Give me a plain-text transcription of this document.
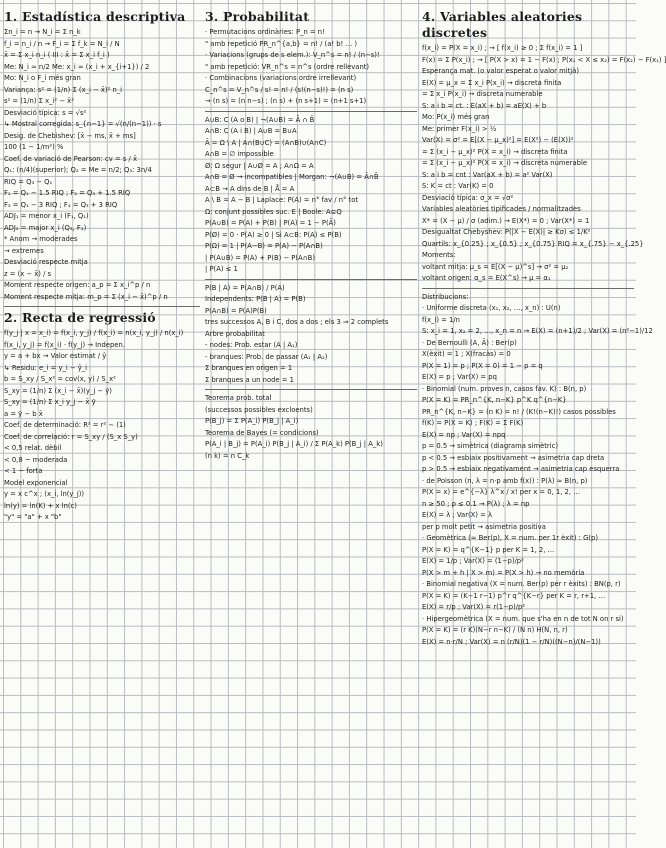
1. Estadística descriptiva
Σn_i = n → N_i = Σ n_k
f_i = n_i / n → F_i = Σ f_k = N_i / N
x̄ = Σ x_i n_i ( III : x̄ = Σ x_i f_i )
Me: N_i ≈ n/2 Me: x_i ≈ (x_i + x_{i+1}) / 2
Mo: N_i o F_i més gran
Variança: s² = (1/n) Σ (x_i − x̄)² n_i
s² = (1/n) Σ x_i² − x̄²
Desviació típica: s = √s²
↳ Mostral corregida: s_{n−1} = √(n/(n−1)) · s
Desig. de Chebishev: [x̄ − ms, x̄ + ms]
100 (1 − 1/m²) %
Coef. de variació de Pearson: cv = s / x̄
Q₁: (n/4)(superior); Q₂ = Me = n/2; Q₃: 3n/4
RIQ = Q₃ − Q₁
F₁ = Q₁ − 1.5 RIQ ; F₂ = Q₃ + 1.5 RIQ
F₃ = Q₁ − 3 RIQ ; F₄ = Q₃ + 3 RIQ
ADJ₁ = menor x_i (F₁, Q₁)
ADJ₂ = major x_i (Q₃, F₂)
* Anom → moderades
→ extremes
Desviació respecte mitja
z = (x − x̄) / s
Moment respecte origen: a_p = Σ x_i^p / n
Moment respecte mitja: m_p = Σ (x_i − x̄)^p / n
2. Recta de regressió
f(y_j | x = x_i) = f(x_i, y_j) / f(x_i) = n(x_i, y_j) / n(x_i)
f(x_i, y_j) = f(x_i) · f(y_j) → Indepen.
y = a + bx → Valor estimat / ŷ
↳ Residu: e_i = y_i − ŷ_i
b = S_xy / S_x² = cov(x, y) / S_x²
S_xy = (1/n) Σ (x_i − x̄)(y_j − ȳ)
S_xy = (1/n) Σ x_i y_j − x̄ ȳ
a = ȳ − b x̄
Coef. de determinació: R² = r² ∼ (1)
Coef. de correlació: r = S_xy / (S_x S_y)
< 0,5 relat. dèbil
< 0,8 ~ moderada
< 1 ~ forta
Model exponencial
y = x c^x ; (x_i, ln(y_j))
ln(y) = ln(K) + x ln(c)
"y" = "a" + x "b"
3. Probabilitat
· Permutacions ordinàries: P_n = n!
" amb repetició PR_n^{a,b} = n! / (a! b! … )
· Variacions (grups de s elem.): V_n^s = n! / (n−s)!
" amb repetició: VR_n^s = n^s (ordre rellevant)
· Combinacions (variacions ordre irrellevant)
C_n^s = V_n^s / s! = n! / (s!(n−s)!) = (n s)
→ (n s) = (n n−s) ; (n s) + (n s+1) = (n+1 s+1)
A∪B: C (A o B) | ¬(A∪B) = Ā ∩ B̄
A∩B: C (A i B) | A∪B = B∪A
Ā = Ω \ A | A∩(B∪C) = (A∩B)∪(A∩C)
A∩B = ∅ impossible
Ø: Ω segur | A∪Ø = A ; A∩Ω = A
A∩B = Ø → incompatibles | Morgan: ¬(A∪B) = Ā∩B̄
A⊂B → A dins de B | Ā̄ = A
A \ B = A − B | Laplace: P(A) = n° fav / n° tot
Ω: conjunt possibles suc. E | Boole: A⊆Q
P(A∪B) = P(A) + P(B) | P(A) = 1 − P(Ā)
P(Ø) = 0 · P(A) ≥ 0 | Si A⊂B: P(A) ≤ P(B)
P(Ω) = 1 | P(A−B) = P(A) − P(A∩B)
| P(A∪B) = P(A) + P(B) − P(A∩B)
| P(A) ≤ 1
P(B | A) = P(A∩B) / P(A)
Independents: P(B | A) = P(B)
P(A∩B) = P(A)P(B)
tres successos A, B i C, dos a dos ; els 3 ⇒ 2 complets
Arbre probabilitat
- nodes: Prob. estar (A | A₁)
- branques: Prob. de passar (A₁ | A₂)
Σ branques en origen = 1
Σ branques a un node = 1
Teorema prob. total
(successos possibles excloents)
P(B_j) = Σ P(A_i) P(B_j | A_i)
Teorema de Bayes (= condicions)
P(A_i | B_j) = P(A_i) P(B_j | A_i) / Σ P(A_k) P(B_j | A_k)
(n k) = n C_k
4. Variables aleatories discretes
f(x_i) = P(X = x_i) ; → [ f(x_i) ≥ 0 ; Σ f(x_i) = 1 ]
F(x) = Σ P(x_i) ; → [ P(X > x) = 1 − F(x) ; P(x₁ < X ≤ x₂) = F(x₂) − F(x₁) ]
Esperança mat. (o valor esperat o valor mitjà)
E(X) = μ_x = Σ x_i P(x_i) → discreta finita
= Σ x_i P(x_i) → discreta numerable
S: a i b = ct. : E(aX + b) = aE(X) + b
Mo: P(x_i) més gran
Me: primer F(x_i) > ½
Var(X) = σ² = E[(X − μ_x)²] = E(X²) − (E(X))²
= Σ (x_i − μ_x)² P(X = x_i) → discreta finita
= Σ (x_i − μ_x)² P(X = x_i) → discreta numerable
S: a i b = cnt : Var(aX + b) = a² Var(X)
S: K = ct : Var(K) = 0
Desviació típica: σ_x = √σ²
Variables aleatòries tipificades / normalitzades
X* = (X − μ) / σ (adim.) → E(X*) = 0 ; Var(X*) = 1
Desigualtat Chebyshev: P(|X − E(X)| ≥ Kσ) ≤ 1/K²
Quartils: x_{0.25} ; x_{0.5} ; x_{0.75} RIQ = x_{.75} − x_{.25}
Moments:
voltant mitja: μ_s = E[(X − μ)^s] → σ² = μ₂
voltant origen: α_s = E(X^s) → μ = α₁
Distribucions:
· Uniforme discreta (x₁, x₂, …, x_n) : U(n)
f(x_i) = 1/n
S: x_i = 1, x₂ = 2, …, x_n = n → E(X) = (n+1)/2 ; Var(X) = (n²−1)/12
· De Bernoulli (A, Ā) : Ber(p)
X(èxit) = 1 ; X(fracàs) = 0
P(X = 1) = p ; P(X = 0) = 1 − p = q
E(X) = p ; Var(X) = pq
· Binomial (num. proves n, casos fav. K) : B(n, p)
P(X = K) = PR_n^{K, n−K} p^K q^{n−K}
PR_n^{K, n−K} = (n K) = n! / (K!(n−K)!) casos possibles
f(K) = P(X = K) ; F(K) = Σ F(K)
E(X) = np ; Var(X) = npq
p = 0.5 → simètrica (diagrama simètric)
p < 0.5 → esbiaix positivament → asimetria cap dreta
p > 0.5 → esbiaix negativament → asimetria cap esquerra
· de Poisson (n, λ = n·p amb f(x)) : P(λ) ≈ B(n, p)
P(X = x) = e^{−λ} λ^x / x! per x = 0, 1, 2, …
n ≥ 50 ; p ≤ 0.1 → P(λ) ; λ = np
E(X) = λ ; Var(X) = λ
per p molt petit → asimetria positiva
· Geomètrica (≈ Ber(p), X = num. per 1r èxit) : G(p)
P(X = K) = q^{K−1} p per K = 1, 2, …
E(X) = 1/p ; Var(X) = (1−p)/p²
P(X > m + h | X > m) = P(X > h) → no memòria
· Binomial negativa (X = num. Ber(p) per r èxits) : BN(p, r)
P(X = K) = (K−1 r−1) p^r q^{K−r} per K = r, r+1, …
E(X) = r/p ; Var(X) = r(1−p)/p²
· Hipergeomètrica (X = num. que s'ha en n de tot N on r si)
P(X = K) = (r K)(N−r n−K) / (N n) H(N, n, r)
E(X) = n·r/N ; Var(X) = n (r/N)(1 − r/N)((N−n)/(N−1))
